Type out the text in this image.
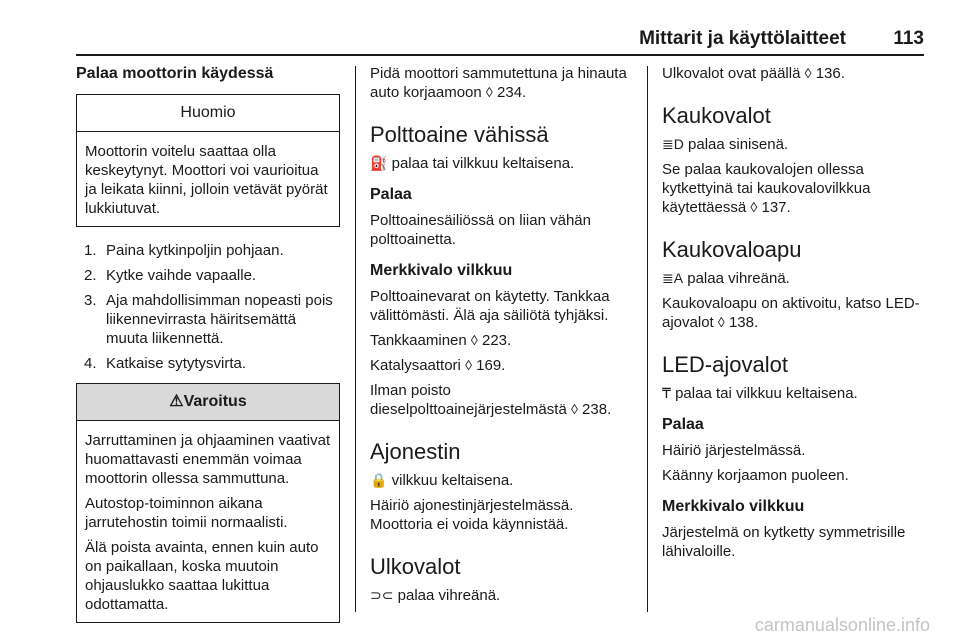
Mittarit ja käyttölaitteet 113
Palaa moottorin käydessä
Huomio

Moottorin voitelu saattaa olla keskeytynyt. Moottori voi vaurioitua ja leikata kiinni, jolloin vetävät pyörät lukkiutuvat.

1. Paina kytkinpoljin pohjaan.
2. Kytke vaihde vapaalle.
3. Aja mahdollisimman nopeasti pois liikennevirrasta häiritsemättä muuta liikennettä.
4. Katkaise sytytysvirta.
⚠Varoitus

Jarruttaminen ja ohjaaminen vaativat huomattavasti enemmän voimaa moottorin ollessa sammuttuna.

Autostop-toiminnon aikana jarrutehostin toimii normaalisti.

Älä poista avainta, ennen kuin auto on paikallaan, koska muutoin ohjauslukko saattaa lukittua odottamatta.

Pidä moottori sammutettuna ja hinauta auto korjaamoon ◊ 234.

Polttoaine vähissä

⛽ palaa tai vilkkuu keltaisena.

Palaa

Polttoainesäiliössä on liian vähän polttoainetta.

Merkkivalo vilkkuu

Polttoainevarat on käytetty. Tankkaa välittömästi. Älä aja säiliötä tyhjäksi.

Tankkaaminen ◊ 223.

Katalysaattori ◊ 169.

Ilman poisto dieselpolttoainejärjestelmästä ◊ 238.

Ajonestin

🔒 vilkkuu keltaisena.

Häiriö ajonestinjärjestelmässä. Moottoria ei voida käynnistää.

Ulkovalot

⊃⊂ palaa vihreänä.

Ulkovalot ovat päällä ◊ 136.

Kaukovalot

≣D palaa sinisenä.

Se palaa kaukovalojen ollessa kytkettyinä tai kaukovalovilkkua käytettäessä ◊ 137.

Kaukovaloapu

≣A palaa vihreänä.

Kaukovaloapu on aktivoitu, katso LED-ajovalot ◊ 138.

LED-ajovalot

₸ palaa tai vilkkuu keltaisena.

Palaa

Häiriö järjestelmässä.

Käänny korjaamon puoleen.

Merkkivalo vilkkuu

Järjestelmä on kytketty symmetrisille lähivaloille.

carmanualsonline.info
